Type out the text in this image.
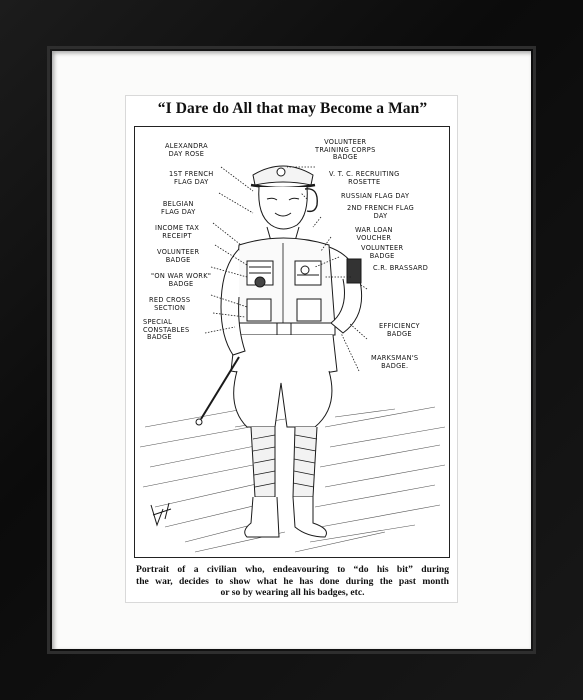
“I Dare do All that may Become a Man”
ALEXANDRA
DAY ROSE
1ST FRENCH
FLAG DAY
BELGIAN
FLAG DAY
INCOME TAX
RECEIPT
VOLUNTEER
BADGE
"ON WAR WORK"
BADGE
RED CROSS
SECTION
SPECIAL
CONSTABLES
BADGE
VOLUNTEER
TRAINING CORPS
BADGE
V. T. C. RECRUITING
ROSETTE
RUSSIAN FLAG DAY
2ND FRENCH FLAG
DAY
WAR LOAN
VOUCHER
VOLUNTEER
BADGE
C.R. BRASSARD
EFFICIENCY
BADGE
MARKSMAN'S
BADGE.
Portrait of a civilian who, endeavouring to “do his bit” during
the war, decides to show what he has done during the past month
or so by wearing all his badges, etc.
